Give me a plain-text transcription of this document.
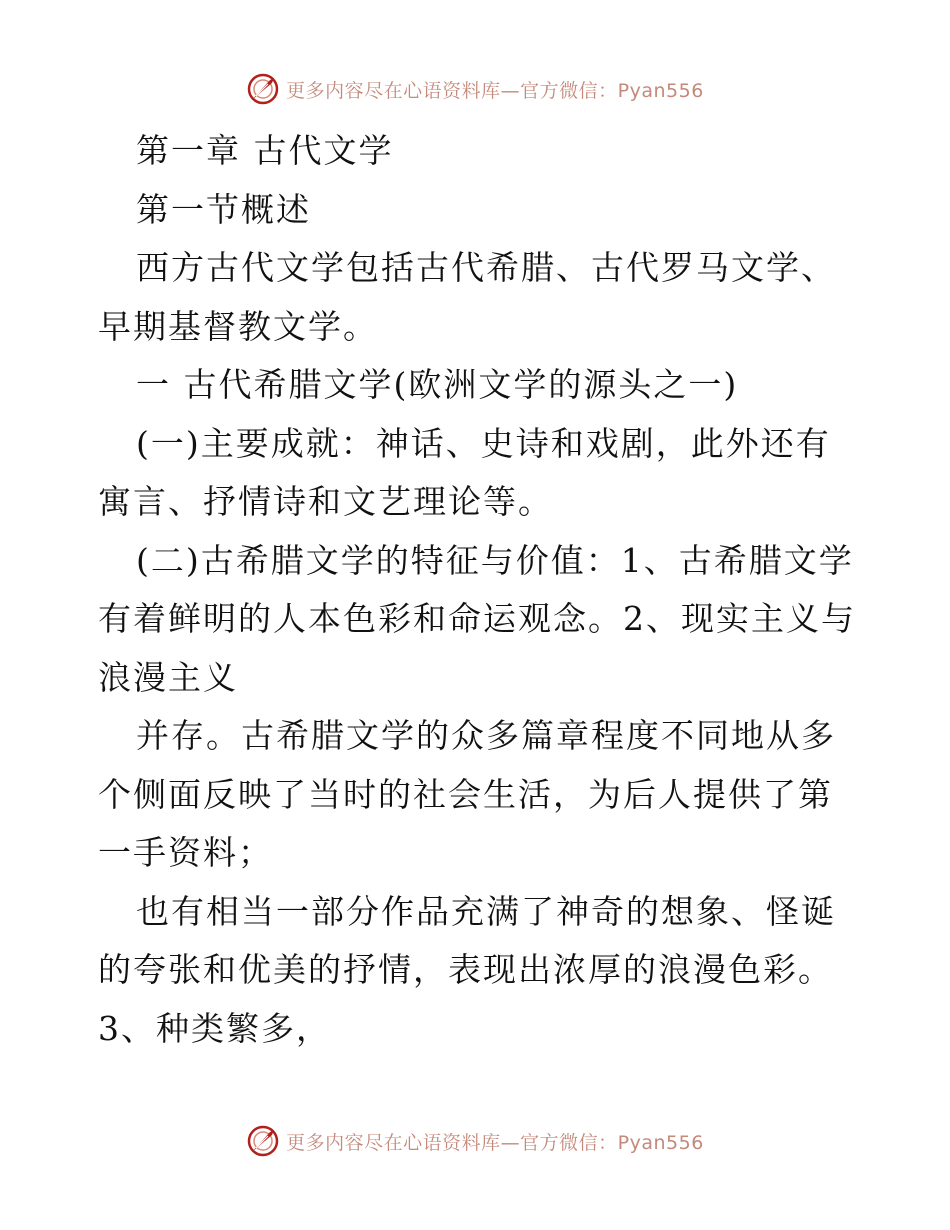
更多内容尽在心语资料库—官方微信：Pyan556

第一章 古代文学

第一节概述

西方古代文学包括古代希腊、古代罗马文学、早期基督教文学。

一 古代希腊文学(欧洲文学的源头之一)

(一)主要成就：神话、史诗和戏剧，此外还有寓言、抒情诗和文艺理论等。

(二)古希腊文学的特征与价值：1、古希腊文学有着鲜明的人本色彩和命运观念。2、现实主义与浪漫主义

并存。古希腊文学的众多篇章程度不同地从多个侧面反映了当时的社会生活，为后人提供了第一手资料；

也有相当一部分作品充满了神奇的想象、怪诞的夸张和优美的抒情，表现出浓厚的浪漫色彩。3、种类繁多，

更多内容尽在心语资料库—官方微信：Pyan556
